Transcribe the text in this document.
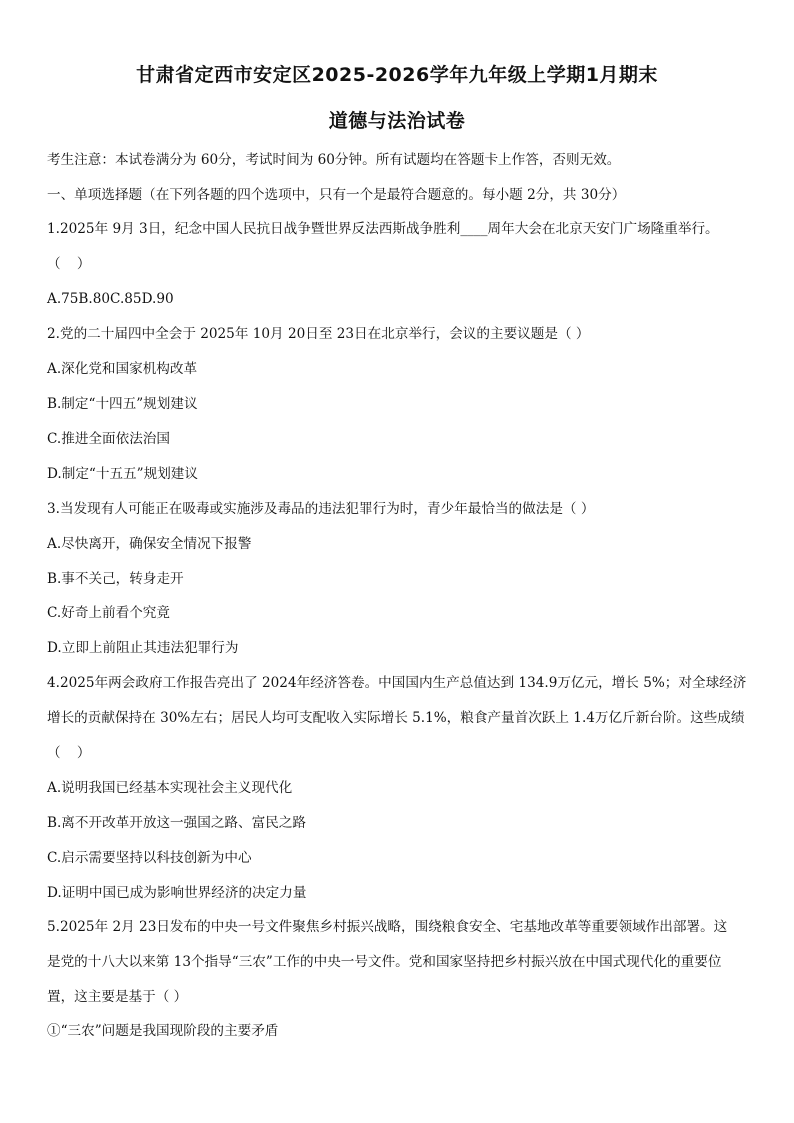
甘肃省定西市安定区2025-2026学年九年级上学期1月期末
道德与法治试卷
考生注意：本试卷满分为 60分，考试时间为 60分钟。所有试题均在答题卡上作答，否则无效。
一、单项选择题（在下列各题的四个选项中，只有一个是最符合题意的。每小题 2分，共 30分）
1.2025年 9月 3日，纪念中国人民抗日战争暨世界反法西斯战争胜利____周年大会在北京天安门广场隆重举行。
（ ）
A.75B.80C.85D.90
2.党的二十届四中全会于 2025年 10月 20日至 23日在北京举行，会议的主要议题是（ ）
A.深化党和国家机构改革
B.制定“十四五”规划建议
C.推进全面依法治国
D.制定“十五五”规划建议
3.当发现有人可能正在吸毒或实施涉及毒品的违法犯罪行为时，青少年最恰当的做法是（ ）
A.尽快离开，确保安全情况下报警
B.事不关己，转身走开
C.好奇上前看个究竟
D.立即上前阻止其违法犯罪行为
4.2025年两会政府工作报告亮出了 2024年经济答卷。中国国内生产总值达到 134.9万亿元，增长 5%；对全球经济
增长的贡献保持在 30%左右；居民人均可支配收入实际增长 5.1%，粮食产量首次跃上 1.4万亿斤新台阶。这些成绩
（ ）
A.说明我国已经基本实现社会主义现代化
B.离不开改革开放这一强国之路、富民之路
C.启示需要坚持以科技创新为中心
D.证明中国已成为影响世界经济的决定力量
5.2025年 2月 23日发布的中央一号文件聚焦乡村振兴战略，围绕粮食安全、宅基地改革等重要领域作出部署。这
是党的十八大以来第 13个指导“三农”工作的中央一号文件。党和国家坚持把乡村振兴放在中国式现代化的重要位
置，这主要是基于（ ）
①“三农”问题是我国现阶段的主要矛盾
